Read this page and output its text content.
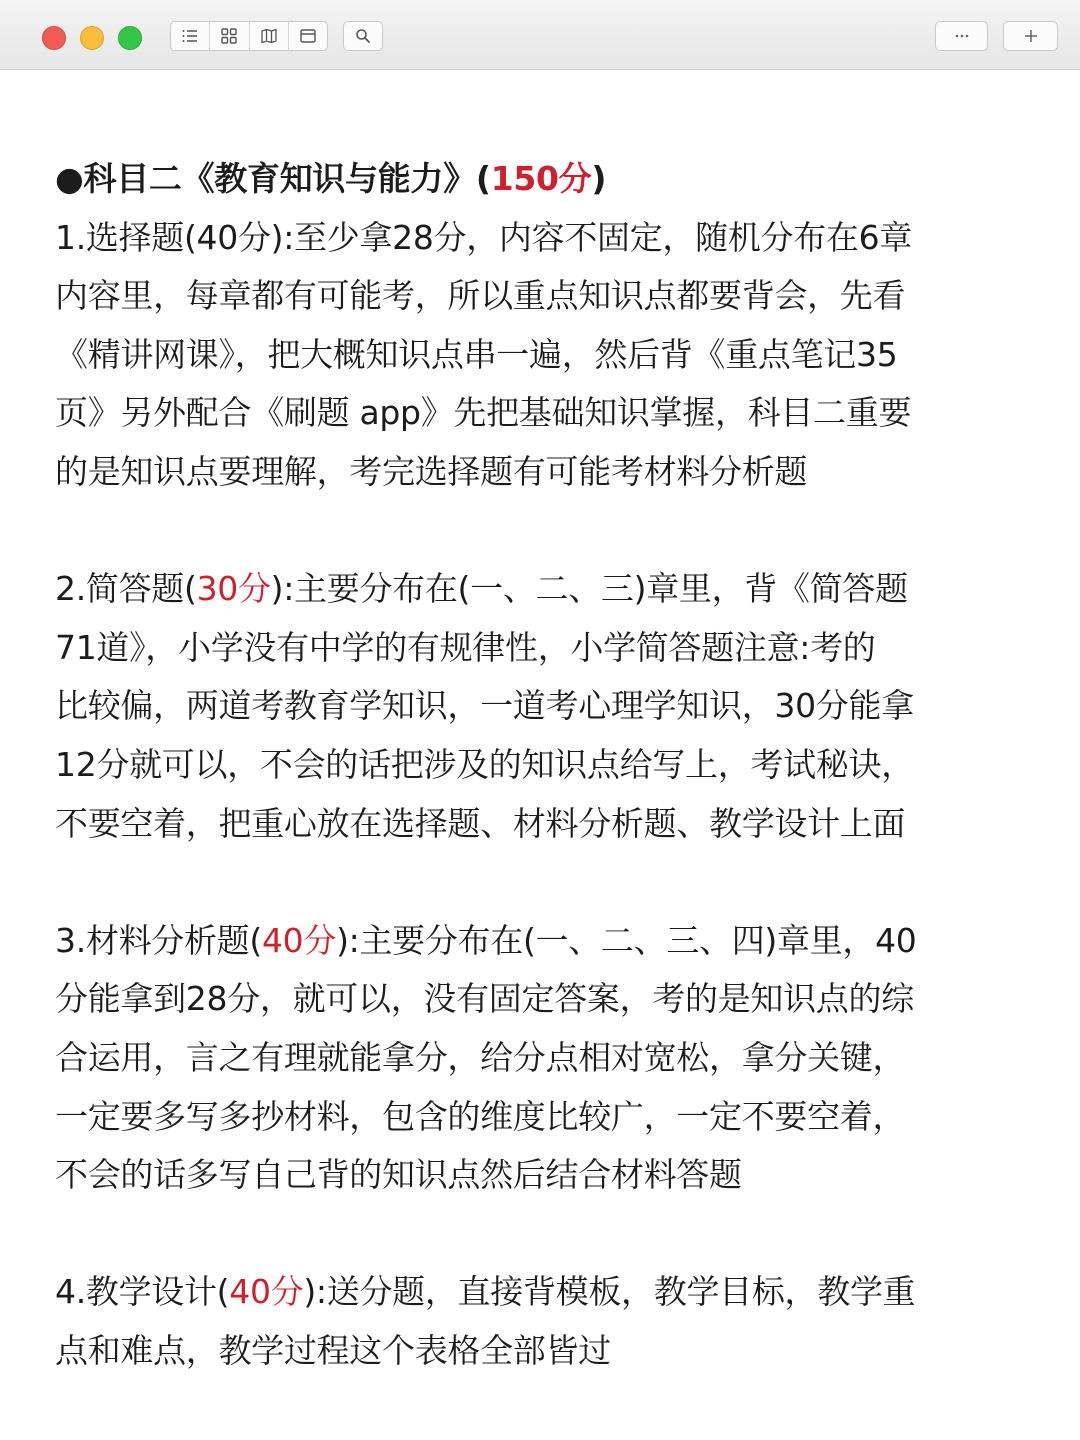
●科目二《教育知识与能力》(150分)
1.选择题(40分):至少拿28分，内容不固定，随机分布在6章
内容里，每章都有可能考，所以重点知识点都要背会，先看
《精讲网课》，把大概知识点串一遍，然后背《重点笔记35
页》另外配合《刷题 app》先把基础知识掌握，科目二重要
的是知识点要理解，考完选择题有可能考材料分析题
2.简答题(30分):主要分布在(一、二、三)章里，背《简答题
71道》，小学没有中学的有规律性，小学简答题注意:考的
比较偏，两道考教育学知识，一道考心理学知识，30分能拿
12分就可以，不会的话把涉及的知识点给写上，考试秘诀，
不要空着，把重心放在选择题、材料分析题、教学设计上面
3.材料分析题(40分):主要分布在(一、二、三、四)章里，40
分能拿到28分，就可以，没有固定答案，考的是知识点的综
合运用，言之有理就能拿分，给分点相对宽松，拿分关键，
一定要多写多抄材料，包含的维度比较广，一定不要空着，
不会的话多写自己背的知识点然后结合材料答题
4.教学设计(40分):送分题，直接背模板，教学目标，教学重
点和难点，教学过程这个表格全部皆过
